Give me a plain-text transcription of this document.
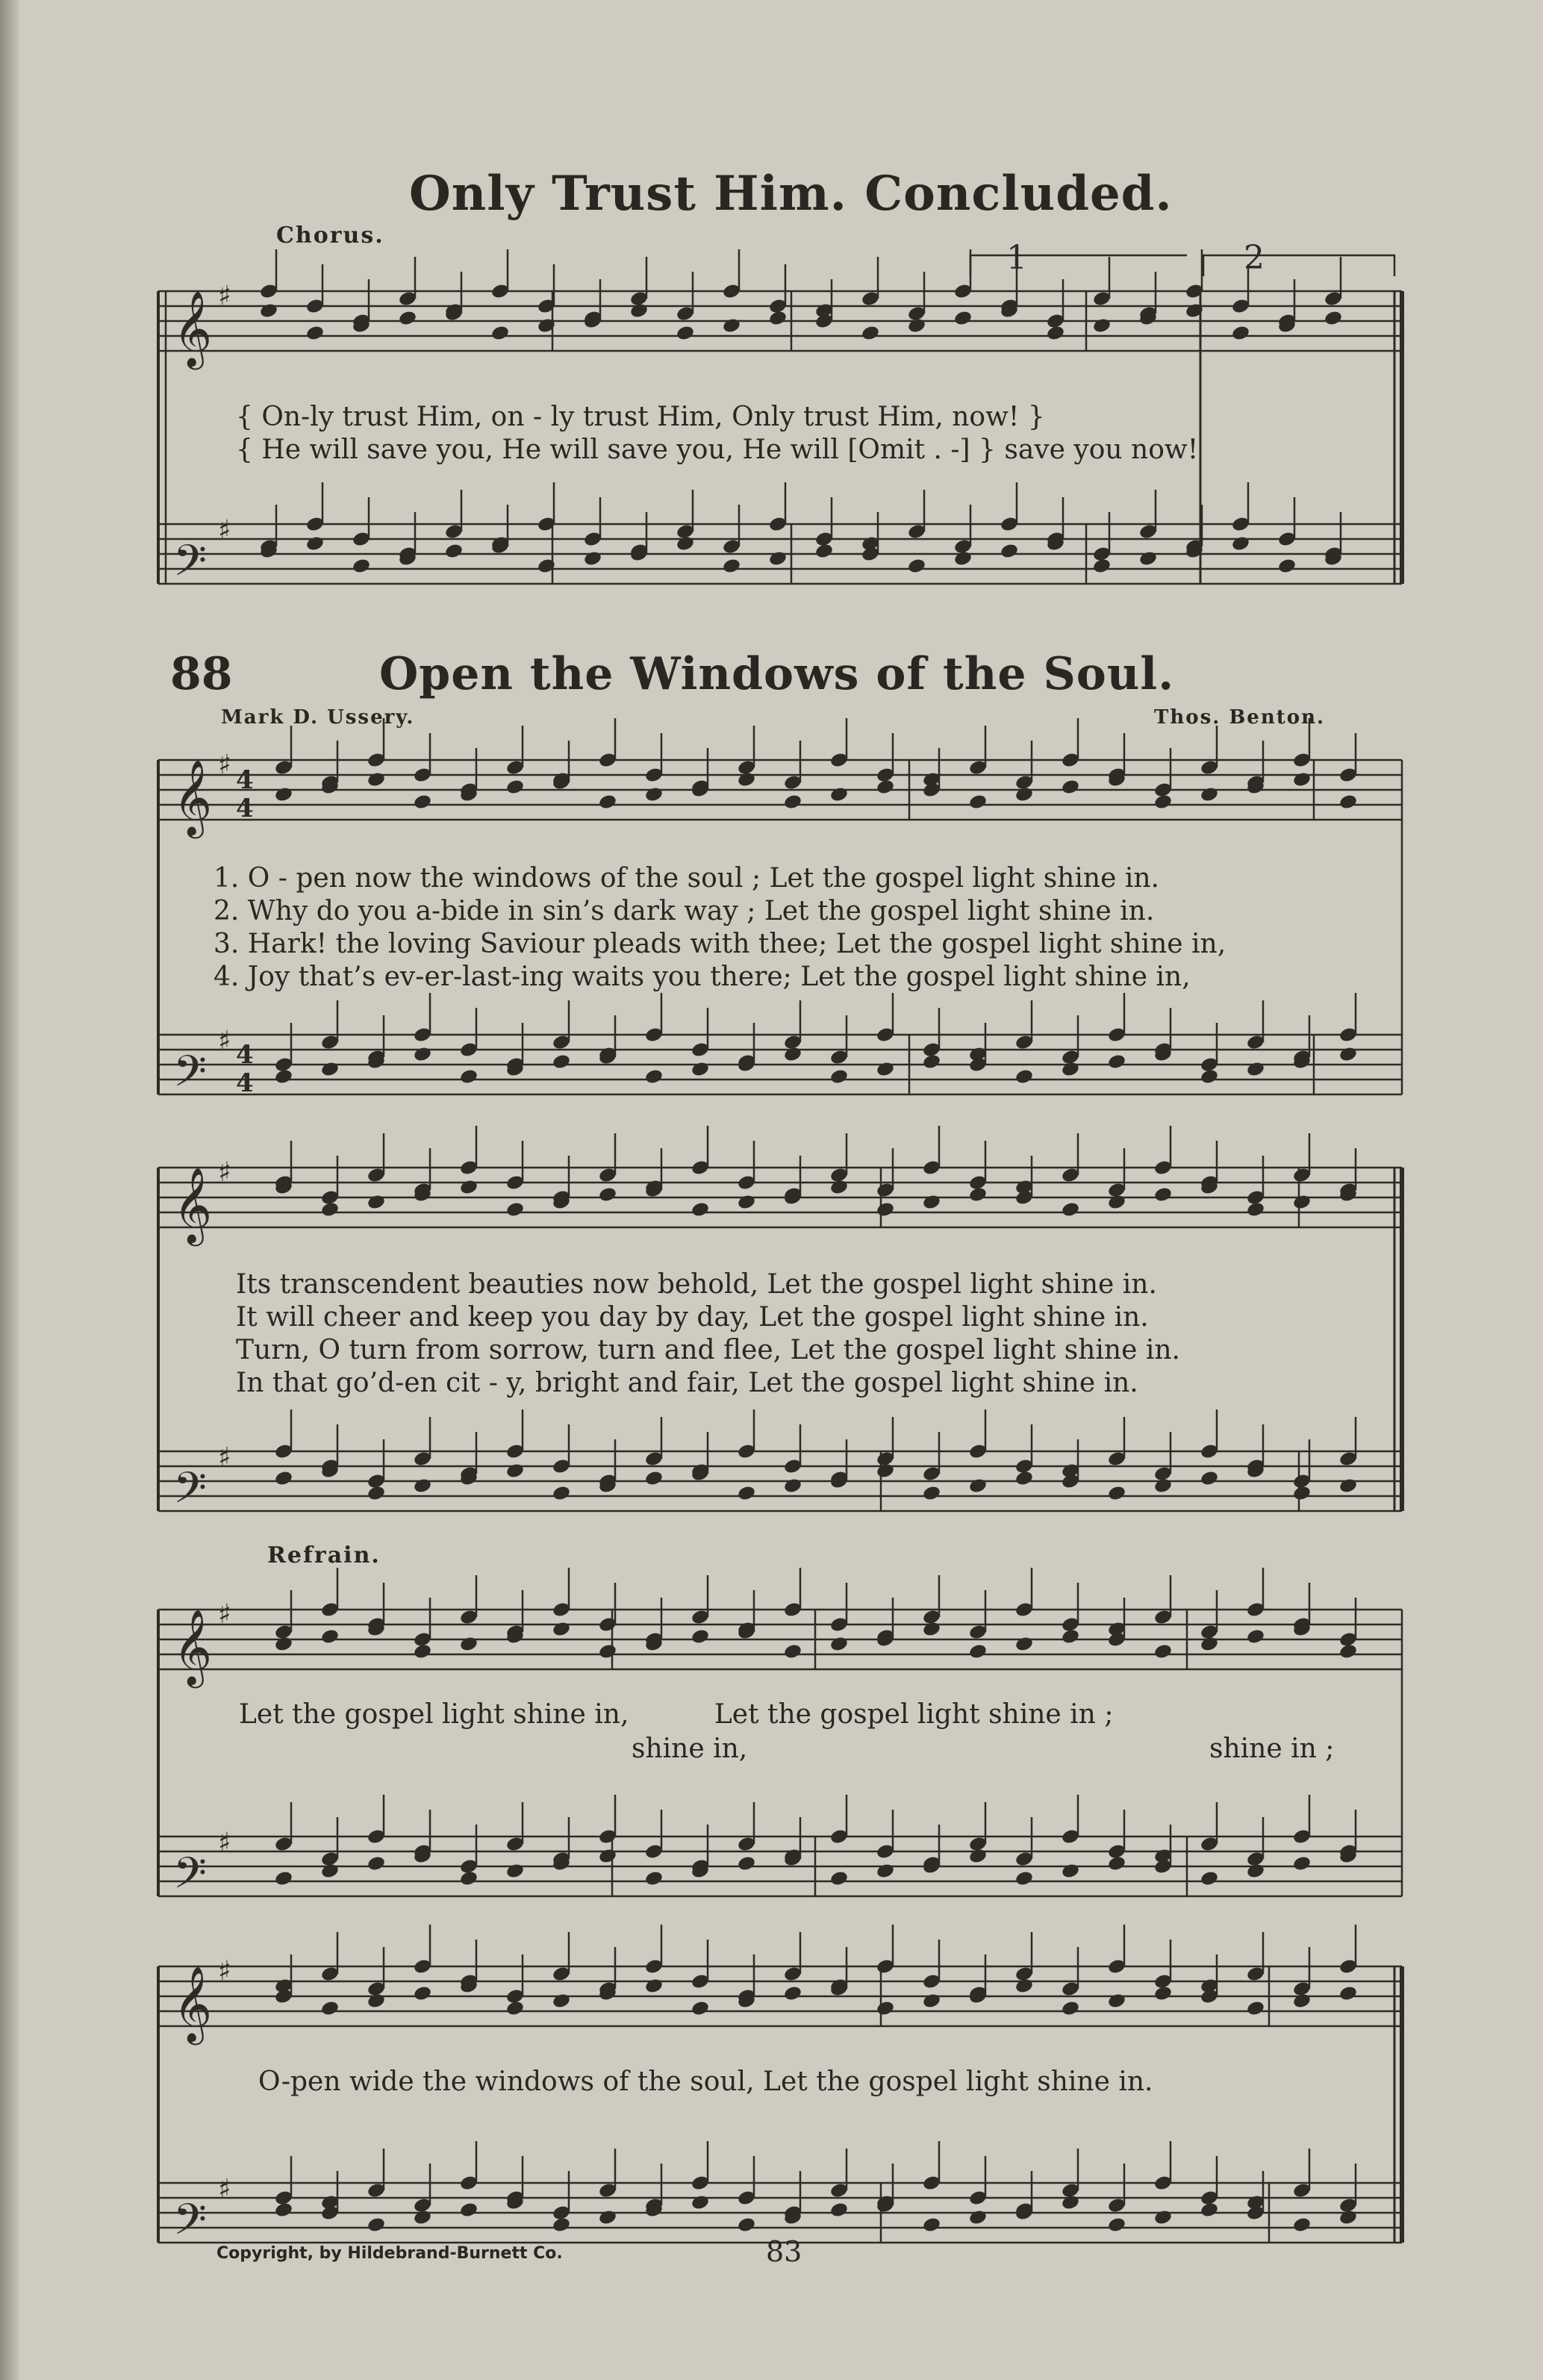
𝄞
𝄢
𝄞
𝄢
𝄞
𝄢
𝄞
𝄢
𝄞
𝄢
♯
♯
♯
♯
♯
♯
♯
♯
♯
♯
4
4
4
4
1	2
Only Trust Him. Concluded.
Chorus.
{ On-ly trust Him, on - ly trust Him, Only trust Him, now! }
{ He will save you, He will save you, He will [Omit . -] } save you now!
88	Open the Windows of the Soul.
Mark D. Ussery.	Thos. Benton.
1. O - pen now the windows of the soul ; Let the gospel light shine in.
2. Why do you a-bide in sin’s dark way ; Let the gospel light shine in.
3. Hark! the loving Saviour pleads with thee; Let the gospel light shine in,
4. Joy that’s ev-er-last-ing waits you there; Let the gospel light shine in,
Its transcendent beauties now behold, Let the gospel light shine in.
It will cheer and keep you day by day, Let the gospel light shine in.
Turn, O turn from sorrow, turn and flee, Let the gospel light shine in.
In that go’d-en cit - y, bright and fair, Let the gospel light shine in.
Refrain.
Let the gospel light shine in,          Let the gospel light shine in ;
shine in,	shine in ;
O-pen wide the windows of the soul, Let the gospel light shine in.
Copyright, by Hildebrand-Burnett Co.	83
